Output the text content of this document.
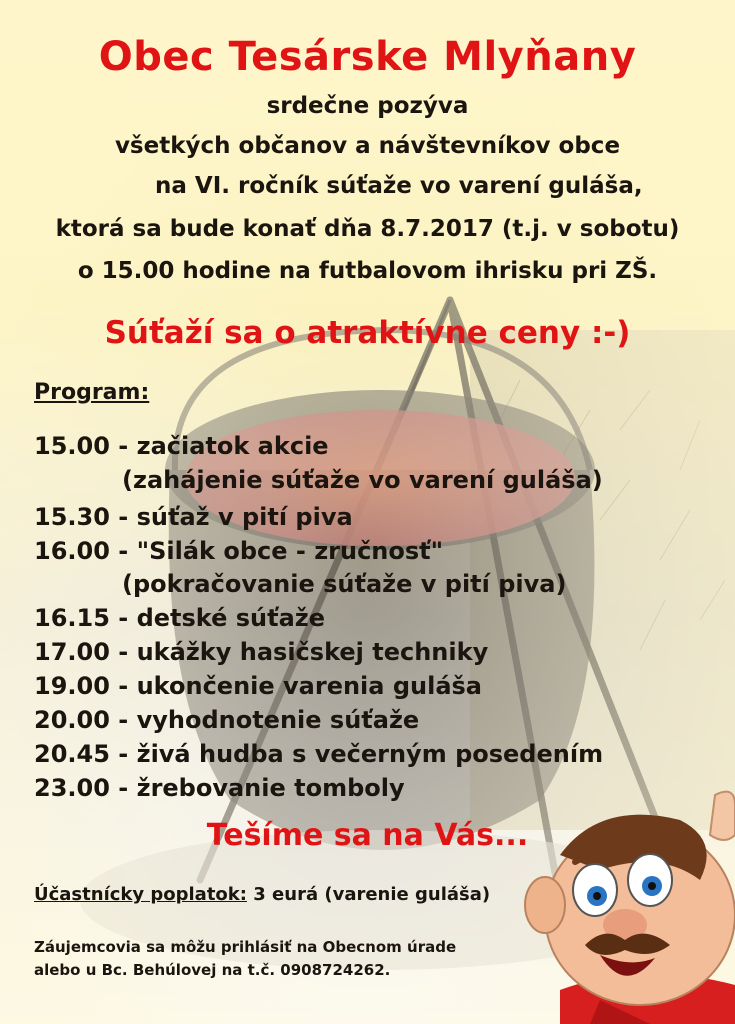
Obec Tesárske Mlyňany
srdečne pozýva
všetkých občanov a návštevníkov obce
na VI. ročník súťaže vo varení guláša,
ktorá sa bude konať dňa 8.7.2017 (t.j. v sobotu)
o 15.00 hodine na futbalovom ihrisku pri ZŠ.
Súťaží sa o atraktívne ceny :-)
Program:
15.00 - začiatok akcie
(zahájenie súťaže vo varení guláša)
15.30 - súťaž v pití piva
16.00 - "Silák obce - zručnosť"
(pokračovanie súťaže v pití piva)
16.15 - detské súťaže
17.00 - ukážky hasičskej techniky
19.00 - ukončenie varenia guláša
20.00 - vyhodnotenie súťaže
20.45 - živá hudba s večerným posedením
23.00 - žrebovanie tomboly
Tešíme sa na Vás...
Účastnícky poplatok: 3 eurá (varenie guláša)
Záujemcovia sa môžu prihlásiť na Obecnom úrade
alebo u Bc. Behúlovej na t.č. 0908724262.
